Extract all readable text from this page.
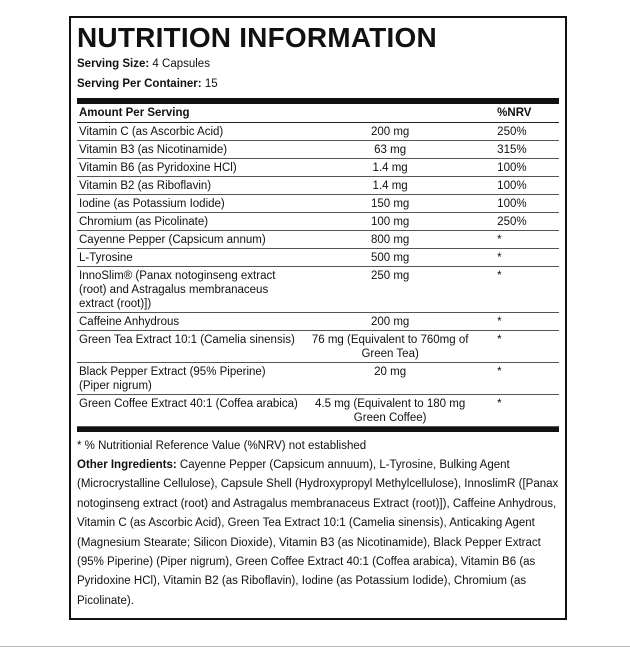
NUTRITION INFORMATION
Serving Size: 4 Capsules
Serving Per Container: 15
Amount Per Serving		%NRV
Vitamin C (as Ascorbic Acid)	200 mg	250%
Vitamin B3 (as Nicotinamide)	63 mg	315%
Vitamin B6 (as Pyridoxine HCl)	1.4 mg	100%
Vitamin B2 (as Riboflavin)	1.4 mg	100%
Iodine (as Potassium Iodide)	150 mg	100%
Chromium (as Picolinate)	100 mg	250%
Cayenne Pepper (Capsicum annum)	800 mg	*
L-Tyrosine	500 mg	*
InnoSlim® (Panax notoginseng extract (root) and Astragalus membranaceus extract (root)])	250 mg	*
Caffeine Anhydrous	200 mg	*
Green Tea Extract 10:1 (Camelia sinensis)	76 mg (Equivalent to 760mg of Green Tea)	*
Black Pepper Extract (95% Piperine) (Piper nigrum)	20 mg	*
Green Coffee Extract 40:1 (Coffea arabica)	4.5 mg (Equivalent to 180 mg Green Coffee)	*
* % Nutritionial Reference Value (%NRV) not established
Other Ingredients: Cayenne Pepper (Capsicum annuum), L-Tyrosine, Bulking Agent (Microcrystalline Cellulose), Capsule Shell (Hydroxypropyl Methylcellulose), InnoslimR ([Panax notoginseng extract (root) and Astragalus membranaceus Extract (root)]), Caffeine Anhydrous, Vitamin C (as Ascorbic Acid), Green Tea Extract 10:1 (Camelia sinensis), Anticaking Agent (Magnesium Stearate; Silicon Dioxide), Vitamin B3 (as Nicotinamide), Black Pepper Extract (95% Piperine) (Piper nigrum), Green Coffee Extract 40:1 (Coffea arabica), Vitamin B6 (as Pyridoxine HCl), Vitamin B2 (as Riboflavin), Iodine (as Potassium Iodide), Chromium (as Picolinate).
